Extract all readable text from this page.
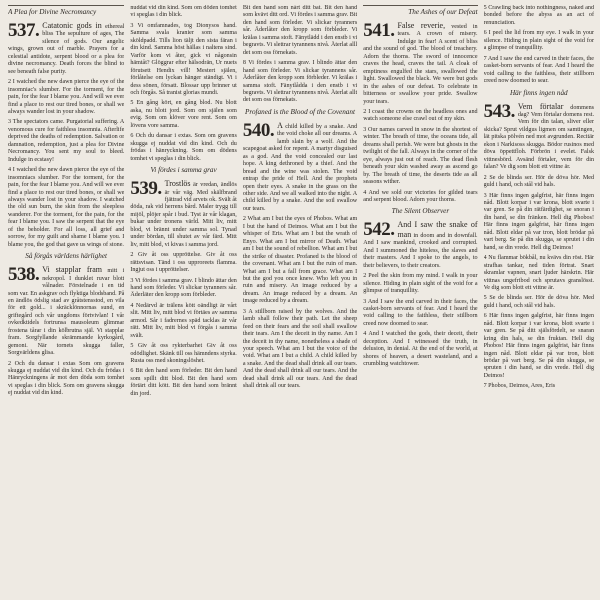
A Plea for Divine Necromancy

537. Catatonic gods in ethereal bliss The sepulture of ages, The silence of gods. Our angelic wings, grown out of marble. Prayers for a celestial antidote, serpent blood or a plea for divine necromancy. Death forces the blind to see beneath false purity.

2 I watched the new dawn pierce the eye of the insomniac's slumber. For the torment, for the pain, for the fear I blame you. And will we ever find a place to rest our tired bones, or shall we always wander lost in your shadow.

3 The spectators came. Purgatorial suffering. A venomous cure for faithless insomnia. Afterlife deprived the deaths of redemption. Salvation or damnation, redemption, just a plea for Divine Necromancy. You sent my soul to bleed. Indulge in ecstasy!

4 I watched the new dawn pierce the eye of the insomniacs slumber. For the torment, for the pain, for the fear I blame you. And will we ever find a place to rest our tired bones, or shall we always wander lost in your shadow. I watched the old sun burn, the skin from the sleepless wanderer. For the torment, for the pain, for the fear I blame you. I saw the serpent that the eye of the beholder. For all loss, all grief and sorrow, for my guilt and shame I blame you. I blame you, the god that gave us wings of stone.

Så förgås världens härlighet

538. Vi stapplar fram mitt i nekropol. I dunklet ruvar blott vålnader. Förstelnade i en tid som var. En askgrav och flyktiga blodsband. På en ändlös ödslig stad av gråtstensstod, en vila för ett gold... i skräcklönnornas sund, en griftegård och vår ungdoms förtvivlan! I vår ovkedktidels fortrunsa mausoleum glimmar frostena tårar i din kölbrutna själ. Vi stapplar fram. Sorgfyllande skrämmande kyrkogård, gemoni. När tornets skugga faller, Sorgvärldens glisa.

2 Och du dansar i extas Som om gravens skugga ej nuddat vid din kind. Och du frödas i Hänryckningens år mot den döda som tomhet vi speglas i din blick. Som om gravens skugga ej nuddat vid din kind.

nuddat vid din kind. Som om döden tomhet vi speglas i din blick.

3 Vi omfamnades, tog Dionysos hand. Samma svala kranier som samma sköldpadd. Tills lion täljt den sista färan i din kind. Samma höst hällas i naltens sind. Varför kom vi åter, gick vi någonsin hämtåt? Glöggrar efter hälsodrän, Ur nuets förutsett Hendix vill! Mestert själen, förlåtelse om lyckan hänger ständigt. Vi i dess sönen, försatt. Blossar upp brinner ut och förgås. Så tranist glorias mundi.

5 En gång kört, en gång blod. Nu blott aska, nu blott jord. Som om själen som evig. Som om klöver vore rent. Som om lövens vore samma.

6 Och du dansar i extas. Som om gravens skugga ej nuddat vid din kind. Och du frödas i hänryckning. Som om dödens tomhet vi speglas i din blick.

Vi fördes i samma grav

539. Trostlös är vredan, ändlös är vår väg. Med skälfbrand fjättrad vid arvets ok. Svält åt döda, rak vid herrens bård. Maler trygg till mijöl, plöjer spår i bud. Tyst är vår klagan, bukar under tronens värld. Mitt liv, mitt blod, vi brännt under samma sol. Tynad under bördan, till shutet av vår färd. Mitt liv, mitt blod, vi kivas i samma jord.

2 Giv åt oss uppröttelse. Giv åt oss rättsvisan. Tänd i oss upproreets flamma. Ingjut oss i uppröttelser.

3 Vi fördes i samma grav. I blindo ättar den hand som förleder. Vi slickar tyranners sår. Äderläter den kropp som förbleder.

4 Nedärvd är trälens kött oändligt är vårt slit. Mitt liv, mitt blod vi förtäes av samma armod. Sår i fadrernes späd tacklas är vår rätt. Mitt liv, mitt blod vi förgås i samma svält.

5 Giv åt oss rykterbarhet Giv åt oss odödlighet. Skänk till oss hämndens styrka. Rusta oss med skoningslöshet.

6 Bit den hand som förleder. Bit den hand som spillt ditt blod. Bit den hand som förtärt ditt kött. Bit den hand som brännt din jord.

Bit den hand som nårt ditt bat. Bit den hand som kvävt ditt ord. Vi fördes i samma grav. Bit den hand som förleder. Vi slickar tyranners sår. Äderlåter den kropp som förbleder. Vi krälas i samma stoft. Fänytlädd i den enstb i vi begravts. Vi slettrar tyrannens nivå. Äterlat alll det som oss förnekats.

8 Vi fördes i samma grav. I blindo ättar den hand som förleder. Vi slickar tyrannens sår. Äderlåter den kropp som förbleder. Vi krälas i samma stoft. Fänytlådda i den enstb i vi begravts. Vi slettrar tyrannens nivå. Äterlat allt det som oss förnekats.

Profaned is the Blood of the Covenant

540. A child killed by a snake. And the void choke all our dreams. A lamb slain by a wolf. And the scapegoat asked for repent. A martyr disguised as a god. And the void concealed our last hope. A king dethroned by a thief. And the bread and the wine was stolen. The void entrap the pride of Hell. And the prophets open their eyes. A snake in the grass on the other side. And we all walked into the night. A child killed by a snake. And the soil swallow our tears.

2 What am I but the eyes of Phobos. What am I but the hand of Deimos. What am I but the whisper of Eris. What am I but the wrath of Enyo. What am I but mirror of Death. What am I but the sound of rebellion. What am I but the strike of disaster. Profaned is the blood of the covenant. What am I but the ruin of man. What am I but a fall from grace. What am I but the god you once knew. Who left you in ruin and misery. An image reduced by a dream. An image reduced by a dream. An image reduced by a dream.

3 A stillborn raised by the wolves. And the lamb shall follow their path. Let the sheep feed on their fears and the soil shall swallow their tears. Am I the deceit in thy name. Am I the deceit in thy name, nonetheless a shade of your speech. What am I but the voice of the void. What am I but a child. A child killed by a snake. And the dead shall drink all our tears. And the dead shall drink all our tears. And the dead shall drink all our tears. And the dead shall drink all our tears.

The Ashes of our Defeat

541. False reverie, vested in tears. A crown of misery. Indulge in fear! A scent of bliss and the sound of god. The blood of treachery. Adorn the thorns. The sword of innocence craves the head, craves the tail. A cloak of emptiness engulfed the stars, swallowed the light. Swallowed the black. We were but gods in the ashes of our defeat. To celebrate in bitterness or swallow your pride. Swallow your tears.

2 I coast the crowns on the headless ones and watch someone else crawl out of my skin.

3 Our names carved in snow in the shortest of winter. The breath of time, the oceans tide, all dreams shall perish. We were but ghosts in the twilight of the fall. Always in the corner of the eye, always just out of reach. The dead flesh beneath your skin washed away as ascend go by. The breath of time, the deserts tide as all seasons wither.

4 And we sold our victories for gilded tears and serpent blood. Adorn your thorns.

The Silent Observer

542. And I saw the snake of man in doom and in downfall. And I saw mankind, crooked and corrupted. And I summoned the hiteless, the slaves and their masters. And I spoke to the angels, to their believers, to their creators.

2 Peel the skin from my mind. I walk in your silence. Hiding in plain sight of the void for a glimpse of tranquillity.

3 And I saw the end carved in their faces, the casket-born servants of fear. And I heard the void calling to the faithless, their stillborn creed now doomed to sear.

4 And I watched the gods, their deceit, their deception. And I witnessed the truth, in delusion, in denial. At the end of the world, at shores of heaven, a desert wasteland, and a crumbling watchtower.

5 Crawling back into nothingness, naked and bonded before the abyss as an act of renunciation.

6 I peel the lid from my eye. I walk in your silence. Hiding in plain sight of the void for a glimpse of tranquillity.

7 And I saw the end carved in their faces, the casket-born servants of fear. And I heard the void calling to the faithless, their stillborn creed now doomed to sear.

Här finns ingen nåd

543. Vem förtalar dommens dag? Vem förtalar domens rest. Vem för din talan, sliver eller skicka? Sprut vildgus ligmen om samtingen, lät pitska pölvén ned mot avgrunden. Recitär ekon i Narkisoss skugga. Bödor rusinos med döva öppettfloh. Förbrön i evelet. Falsk vittnesbörd. Avsänd förtaler, vem för din falan? Ve dig som blott ett vittne är.

2 Se de blinda ser. Hör de döva hör. Med guld i hand, och stål vid hals.

3 Här finns ingen galgfrist, här finns ingen nåd. Blott korpar i var krona, blott svarte i var gren. Se på din rätfärdighet, se snoran i din hand, se din fränken. Hell dig Phobos! Här finns ingen galgfrist, här finns ingen nåd. Blott eldar på var tron, blott brödar på vart berg. Se på din skugga, se sprutet i din hand, se din vrede. Hell dig Deimos!

4 Nu flammar bökbål, nu kvävs din röst. Här strafhas tankar, ned tiden förtrat. Snart skramlar vapnen, snart ljuder härskrin. Här vittnas ungefribod och sprutavs granslösst. Ve dig som blott ett vittne är.

5 Se de blinda ser. Hör de döva hör. Med guld i hand, och stål vid hals.

6 Här finns ingen galgfrist, här finns ingen nåd. Blott korpar i var krona, blott svarte i var gren. Se på ditt själsfördelt, se snaran kring din hals, se din fruktan. Hell dig Phobos! Här finns ingen galgfrist, här finns ingen nåd. Blott eldar på var tron, blott brödar på vart berg. Se på din skugga, se spruten i din hand, se din vrede. Hell dig Deimos!

7 Phobos, Deimos, Ares, Eris
